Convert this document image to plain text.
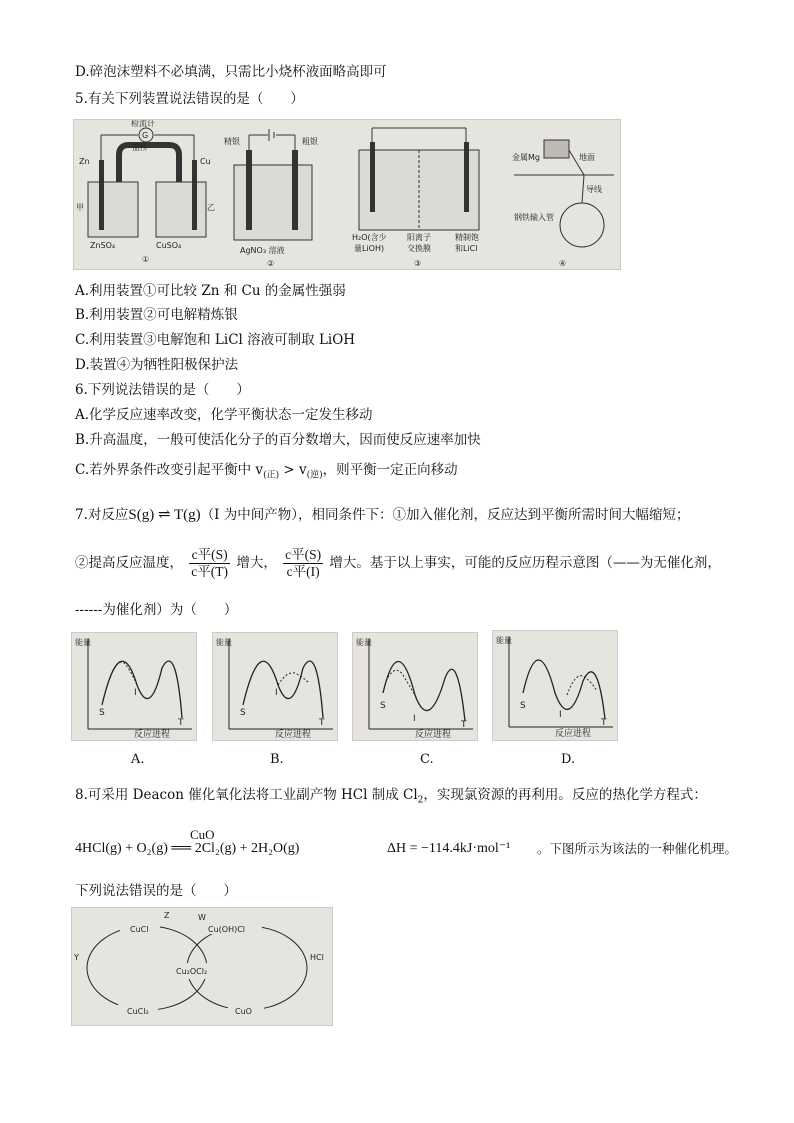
D.碎泡沫塑料不必填满，只需比小烧杯液面略高即可
5.有关下列装置说法错误的是（　　）
G
检流计
盐桥
Zn	Cu
甲	乙
ZnSO₄	CuSO₄
①
精银	粗银
AgNO₃ 溶液
②
H₂O(含少
量LiOH)
阳离子
交换膜
精制饱
和LiCl
③
金属Mg	地面
导线
钢铁输入管
④
A.利用装置①可比较 Zn 和 Cu 的金属性强弱
B.利用装置②可电解精炼银
C.利用装置③电解饱和 LiCl 溶液可制取 LiOH
D.装置④为牺牲阳极保护法
6.下列说法错误的是（　　）
A.化学反应速率改变，化学平衡状态一定发生移动
B.升高温度，一般可使活化分子的百分数增大，因而使反应速率加快
C.若外界条件改变引起平衡中 $v_{(正)} > v_{(逆)}$，则平衡一定正向移动
7.对反应S(g) ⇌ T(g)（I 为中间产物），相同条件下：①加入催化剂，反应达到平衡所需时间大幅缩短；
②提高反应温度， $\frac{\text{c平(S)}}{\text{c平(T)}}$ 增大， $\frac{\text{c平(S)}}{\text{c平(I)}}$ 增大。基于以上事实，可能的反应历程示意图（——为无催化剂，
------为催化剂）为（　　）
能量
反应进程
S
I
T
能量
反应进程
S
I
T
能量
反应进程
S
I
T
能量
反应进程
S
I
T
A.	B.	C.	D.
8.可采用 Deacon 催化氧化法将工业副产物 HCl 制成 $Cl_2$，实现氯资源的再利用。反应的热化学方程式：
CuO
4HCl(g) + O₂(g) ══ 2Cl₂(g) + 2H₂O(g)	ΔH = −114.4kJ·mol⁻¹ 。下图所示为该法的一种催化机理。
下列说法错误的是（　　）
CuCl
Z	W
Cu(OH)Cl
Y
Cu₂OCl₂
HCl
CuCl₂	CuO
